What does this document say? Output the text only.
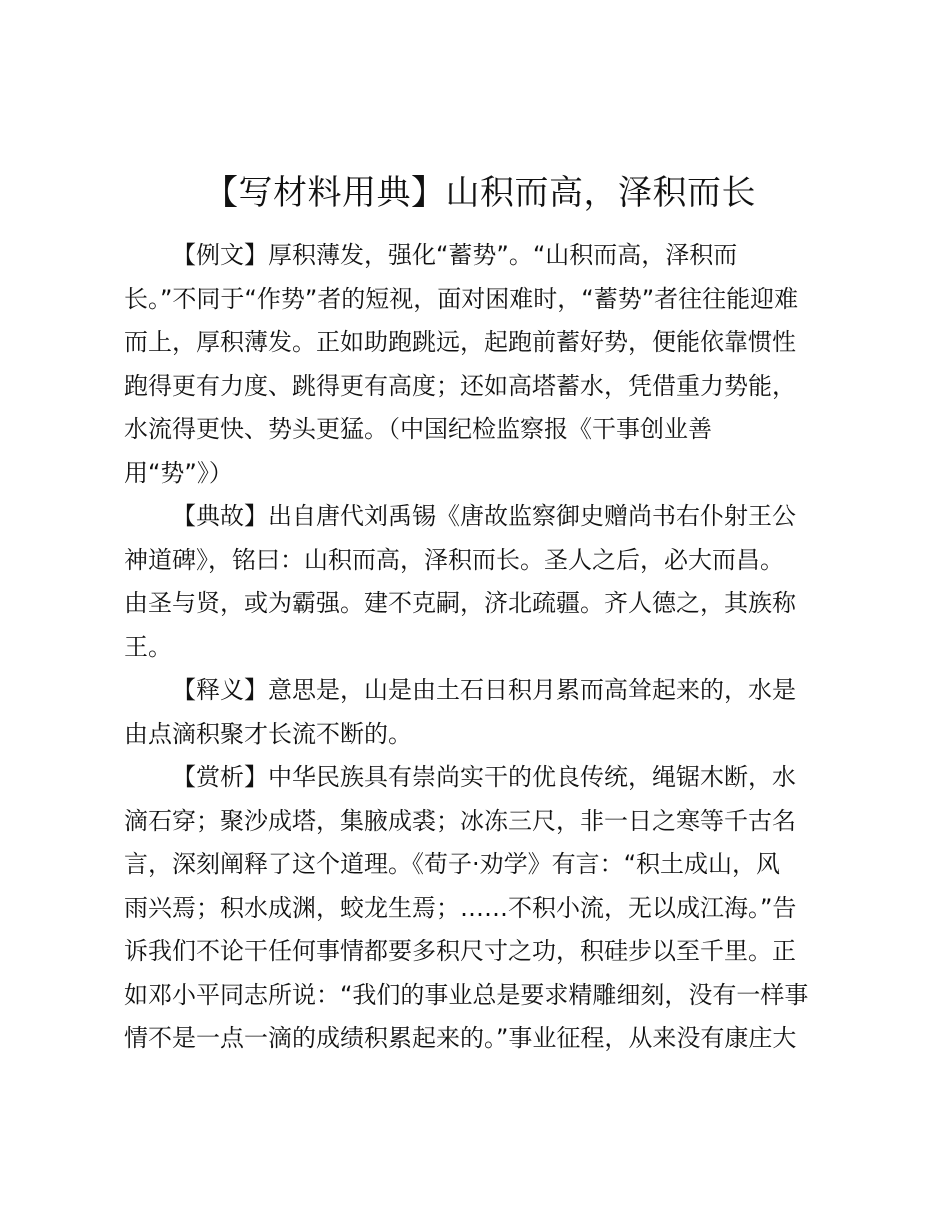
【写材料用典】山积而高，泽积而长

【例文】厚积薄发，强化“蓄势”。“山积而高，泽积而
长。”不同于“作势”者的短视，面对困难时，“蓄势”者往往能迎难
而上，厚积薄发。正如助跑跳远，起跑前蓄好势，便能依靠惯性
跑得更有力度、跳得更有高度；还如高塔蓄水，凭借重力势能，
水流得更快、势头更猛。（中国纪检监察报《干事创业善
用“势”》）

【典故】出自唐代刘禹锡《唐故监察御史赠尚书右仆射王公
神道碑》，铭曰：山积而高，泽积而长。圣人之后，必大而昌。
由圣与贤，或为霸强。建不克嗣，济北疏疆。齐人德之，其族称
王。

【释义】意思是，山是由土石日积月累而高耸起来的，水是
由点滴积聚才长流不断的。

【赏析】中华民族具有崇尚实干的优良传统，绳锯木断，水
滴石穿；聚沙成塔，集腋成裘；冰冻三尺，非一日之寒等千古名
言，深刻阐释了这个道理。《荀子·劝学》有言：“积土成山，风
雨兴焉；积水成渊，蛟龙生焉；……不积小流，无以成江海。”告
诉我们不论干任何事情都要多积尺寸之功，积硅步以至千里。正
如邓小平同志所说：“我们的事业总是要求精雕细刻，没有一样事
情不是一点一滴的成绩积累起来的。”事业征程，从来没有康庄大
